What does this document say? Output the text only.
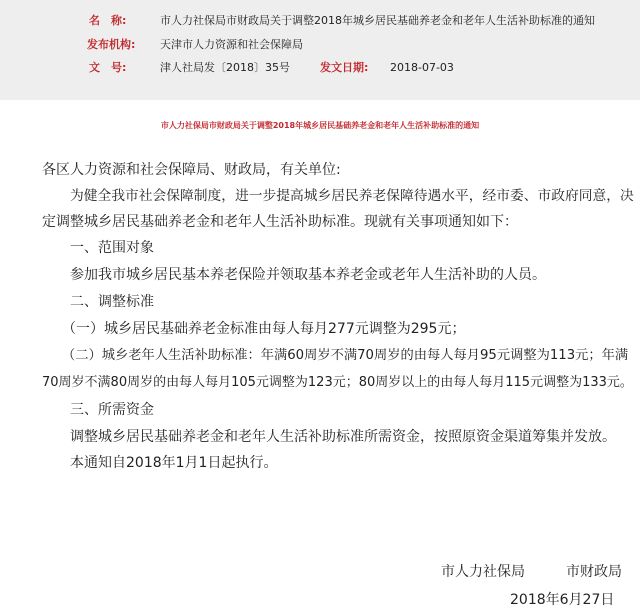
名　称:	市人力社保局市财政局关于调整2018年城乡居民基础养老金和老年人生活补助标准的通知
发布机构: 天津市人力资源和社会保障局
文　号:	津人社局发〔2018〕35号	发文日期: 2018-07-03
市人力社保局市财政局关于调整2018年城乡居民基础养老金和老年人生活补助标准的通知
各区人力资源和社会保障局、财政局，有关单位:
为健全我市社会保障制度，进一步提高城乡居民养老保障待遇水平，经市委、市政府同意，决
定调整城乡居民基础养老金和老年人生活补助标准。现就有关事项通知如下：
一、范围对象
参加我市城乡居民基本养老保险并领取基本养老金或老年人生活补助的人员。
二、调整标准
（一）城乡居民基础养老金标准由每人每月277元调整为295元；
（二）城乡老年人生活补助标准：年满60周岁不满70周岁的由每人每月95元调整为113元；年满
70周岁不满80周岁的由每人每月105元调整为123元；80周岁以上的由每人每月115元调整为133元。
三、所需资金
调整城乡居民基础养老金和老年人生活补助标准所需资金，按照原资金渠道筹集并发放。
本通知自2018年1月1日起执行。
市人力社保局	市财政局
2018年6月27日
